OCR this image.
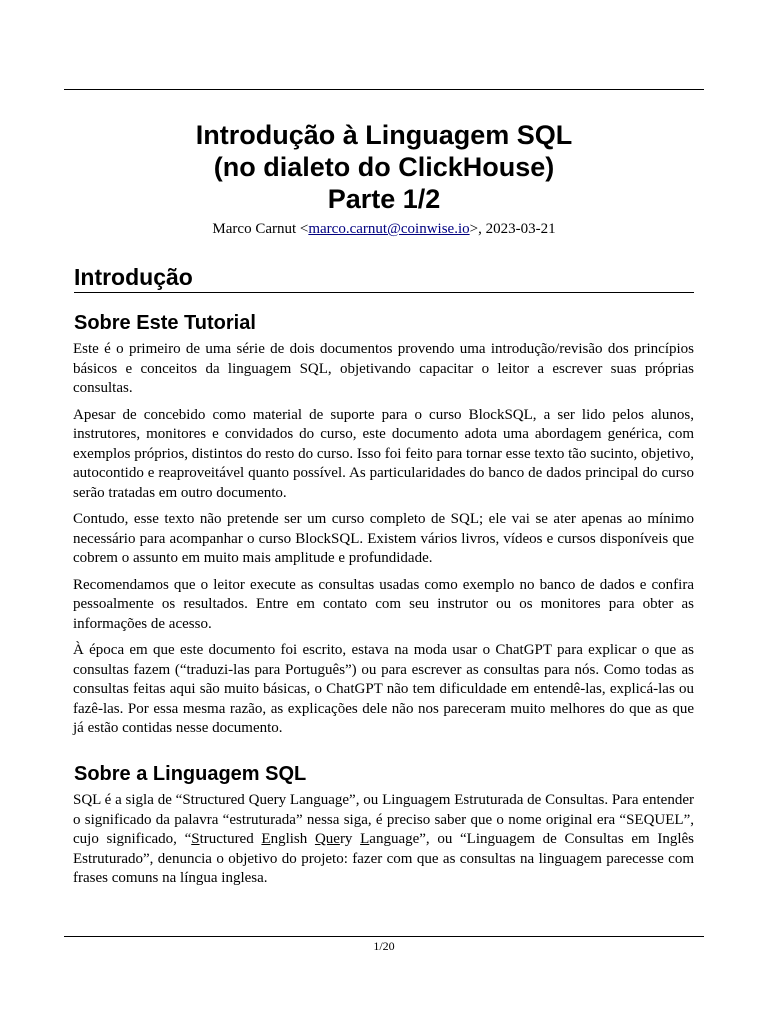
Introdução à Linguagem SQL
(no dialeto do ClickHouse)
Parte 1/2
Marco Carnut <marco.carnut@coinwise.io>, 2023-03-21
Introdução
Sobre Este Tutorial

Este é o primeiro de uma série de dois documentos provendo uma introdução/revisão dos princípios básicos e conceitos da linguagem SQL, objetivando capacitar o leitor a escrever suas próprias consultas.

Apesar de concebido como material de suporte para o curso BlockSQL, a ser lido pelos alunos, instrutores, monitores e convidados do curso, este documento adota uma abordagem genérica, com exemplos próprios, distintos do resto do curso. Isso foi feito para tornar esse texto tão sucinto, objetivo, autocontido e reaproveitável quanto possível. As particularidades do banco de dados principal do curso serão tratadas em outro documento.

Contudo, esse texto não pretende ser um curso completo de SQL; ele vai se ater apenas ao mínimo necessário para acompanhar o curso BlockSQL. Existem vários livros, vídeos e cursos disponíveis que cobrem o assunto em muito mais amplitude e profundidade.

Recomendamos que o leitor execute as consultas usadas como exemplo no banco de dados e confira pessoalmente os resultados. Entre em contato com seu instrutor ou os monitores para obter as informações de acesso.

À época em que este documento foi escrito, estava na moda usar o ChatGPT para explicar o que as consultas fazem (“traduzi-las para Português”) ou para escrever as consultas para nós. Como todas as consultas feitas aqui são muito básicas, o ChatGPT não tem dificuldade em entendê-las, explicá-las ou fazê-las. Por essa mesma razão, as explicações dele não nos pareceram muito melhores do que as que já estão contidas nesse documento.

Sobre a Linguagem SQL

SQL é a sigla de “Structured Query Language”, ou Linguagem Estruturada de Consultas. Para entender o significado da palavra “estruturada” nessa siga, é preciso saber que o nome original era “SEQUEL”, cujo significado, “Structured English Query Language”, ou “Linguagem de Consultas em Inglês Estruturado”, denuncia o objetivo do projeto: fazer com que as consultas na linguagem parecesse com frases comuns na língua inglesa.

1/20
